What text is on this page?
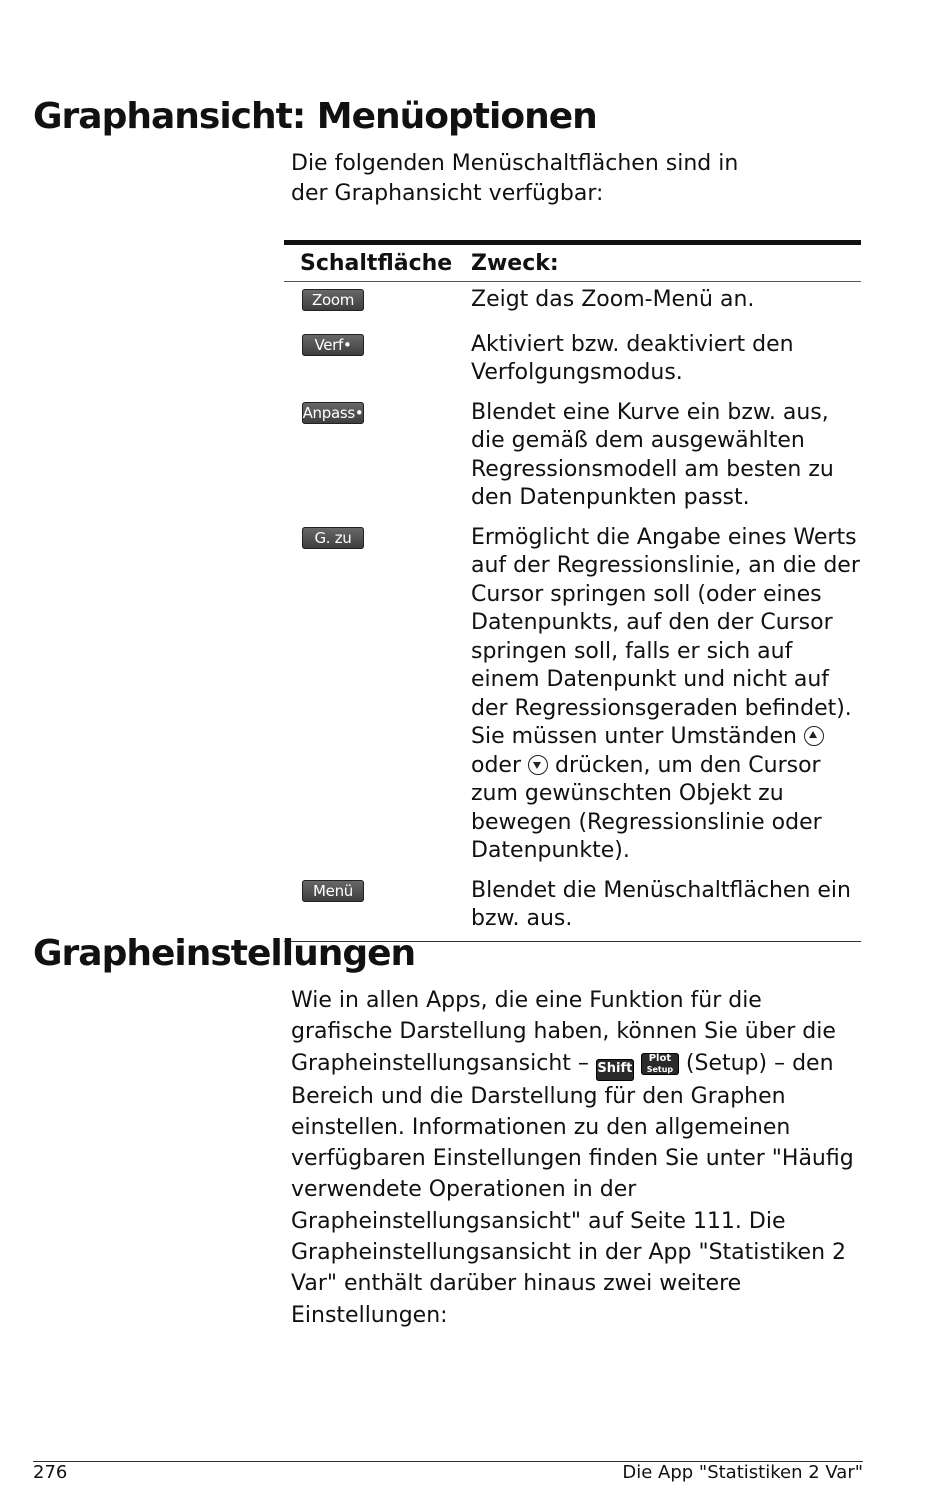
Graphansicht: Menüoptionen
Die folgenden Menüschaltflächen sind in der Graphansicht verfügbar:
Schaltfläche Zweck:
Zoom	Zeigt das Zoom-Menü an.
Verf•	Aktiviert bzw. deaktiviert den Verfolgungsmodus.
Anpass•	Blendet eine Kurve ein bzw. aus, die gemäß dem ausgewählten Regressionsmodell am besten zu den Datenpunkten passt.
G. zu	Ermöglicht die Angabe eines Werts auf der Regressionslinie, an die der Cursor springen soll (oder eines Datenpunkts, auf den der Cursor springen soll, falls er sich auf einem Datenpunkt und nicht auf der Regressionsgeraden befindet). Sie müssen unter Umständen  oder drücken, um den Cursor zum gewünschten Objekt zu bewegen (Regressionslinie oder Datenpunkte).
Menü	Blendet die Menüschaltflächen ein bzw. aus.
Grapheinstellungen
Wie in allen Apps, die eine Funktion für die grafische Darstellung haben, können Sie über die Grapheinstellungsansicht – Shift Plot
Setup (Setup) – den Bereich und die Darstellung für den Graphen einstellen. Informationen zu den allgemeinen verfügbaren Einstellungen finden Sie unter "Häufig verwendete Operationen in der Grapheinstellungsansicht" auf Seite 111. Die Grapheinstellungsansicht in der App "Statistiken 2 Var" enthält darüber hinaus zwei weitere Einstellungen:
276	Die App "Statistiken 2 Var"
